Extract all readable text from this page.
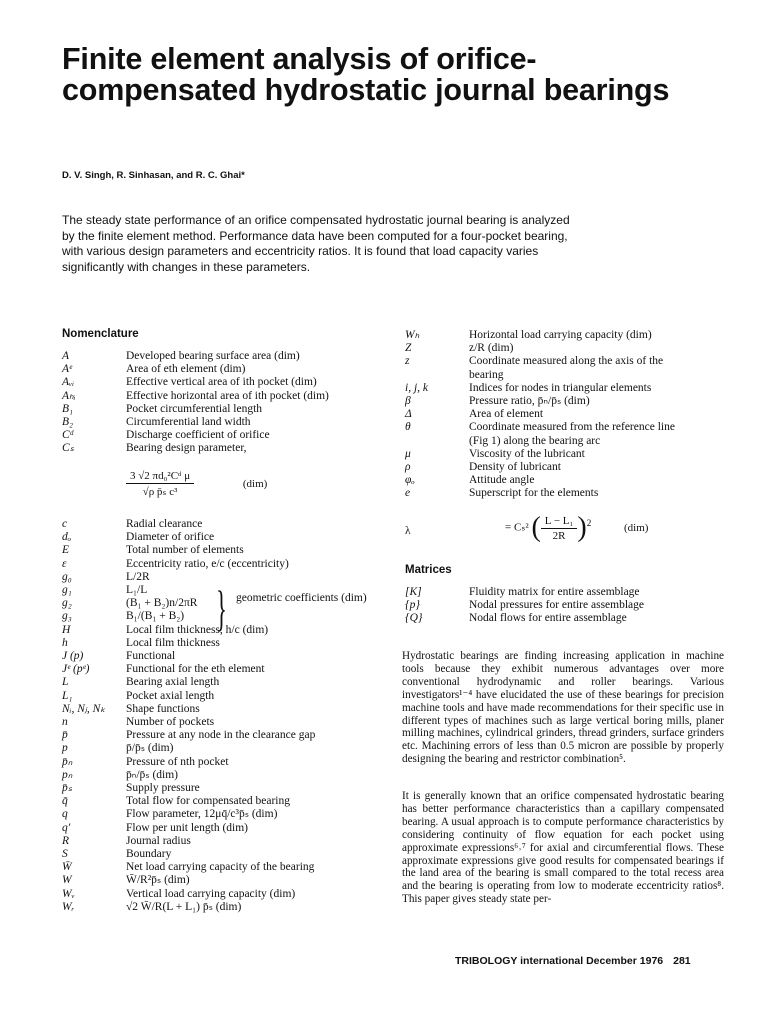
Finite element analysis of orifice-compensated hydrostatic journal bearings

D. V. Singh, R. Sinhasan, and R. C. Ghai*

The steady state performance of an orifice compensated hydrostatic journal bearing is analyzed by the finite element method. Performance data have been computed for a four-pocket bearing, with various design parameters and eccentricity ratios. It is found that load capacity varies significantly with changes in these parameters.

Nomenclature
A	Developed bearing surface area (dim)
Aᵉ	Area of eth element (dim)
Aᵥᵢ	Effective vertical area of ith pocket (dim)
Aₕᵢ	Effective horizontal area of ith pocket (dim)
B₁	Pocket circumferential length
B₂	Circumferential land width
Cᵈ	Discharge coefficient of orifice
Cₛ	Bearing design parameter,
$\frac{\text{3 √2 πd₀²Cᵈ μ}}{\text{√ρ p̄ₛ c³}}$	(dim)
c	Radial clearance
dₒ	Diameter of orifice
E	Total number of elements
ε	Eccentricity ratio, e/c (eccentricity)
g₀	L/2R
g₁	L₁/L
g₂	(B₁ + B₂)n/2πR
g₃	B₁/(B₁ + B₂)
H	Local film thickness, h/c (dim)
h	Local film thickness
J (p)	Functional
Jᵉ (pᵉ)	Functional for the eth element
L	Bearing axial length
L₁	Pocket axial length
Nᵢ, Nⱼ, Nₖ	Shape functions
n	Number of pockets
p̄	Pressure at any node in the clearance gap
p	p̄/p̄ₛ (dim)
p̄ₙ	Pressure of nth pocket
pₙ	p̄ₙ/p̄ₛ (dim)
p̄ₛ	Supply pressure
q̄	Total flow for compensated bearing
q	Flow parameter, 12μq̄/c³p̄ₛ (dim)
q′	Flow per unit length (dim)
R	Journal radius
S	Boundary
W̄	Net load carrying capacity of the bearing
W	W̄/R²p̄ₛ (dim)
Wᵥ	Vertical load carrying capacity (dim)
Wᵣ	√2 W̄/R(L + L₁) p̄ₛ (dim)
} geometric coefficients (dim)
Wₕ	Horizontal load carrying capacity (dim)
Z	z/R (dim)
z	Coordinate measured along the axis of the
bearing
i, j, k	Indices for nodes in triangular elements
β	Pressure ratio, p̄ₙ/p̄ₛ (dim)
Δ	Area of element
θ	Coordinate measured from the reference line
(Fig 1) along the bearing arc
μ	Viscosity of the lubricant
ρ	Density of lubricant
φₒ	Attitude angle
e	Superscript for the elements
λ	= Cₛ² ( $\frac{\text{L − L₁}}{2R} )^2$	(dim)
Matrices
[K]	Fluidity matrix for entire assemblage
{p}	Nodal pressures for entire assemblage
{Q}	Nodal flows for entire assemblage

Hydrostatic bearings are finding increasing application in machine tools because they exhibit numerous advantages over more conventional hydrodynamic and roller bearings. Various investigators¹⁻⁴ have elucidated the use of these bearings for precision machine tools and have made recommendations for their specific use in different types of machines such as large vertical boring mills, planer milling machines, cylindrical grinders, thread grinders, surface grinders etc. Machining errors of less than 0.5 micron are possible by properly designing the bearing and restrictor combination⁵.

It is generally known that an orifice compensated hydrostatic bearing has better performance characteristics than a capillary compensated bearing. A usual approach is to compute performance characteristics by considering continuity of flow equation for each pocket using approximate expressions⁶˒⁷ for axial and circumferential flows. These approximate expressions give good results for compensated bearings if the land area of the bearing is small compared to the total recess area and the bearing is operating from low to moderate eccentricity ratios⁸. This paper gives steady state per-

TRIBOLOGY international December 1976 281
